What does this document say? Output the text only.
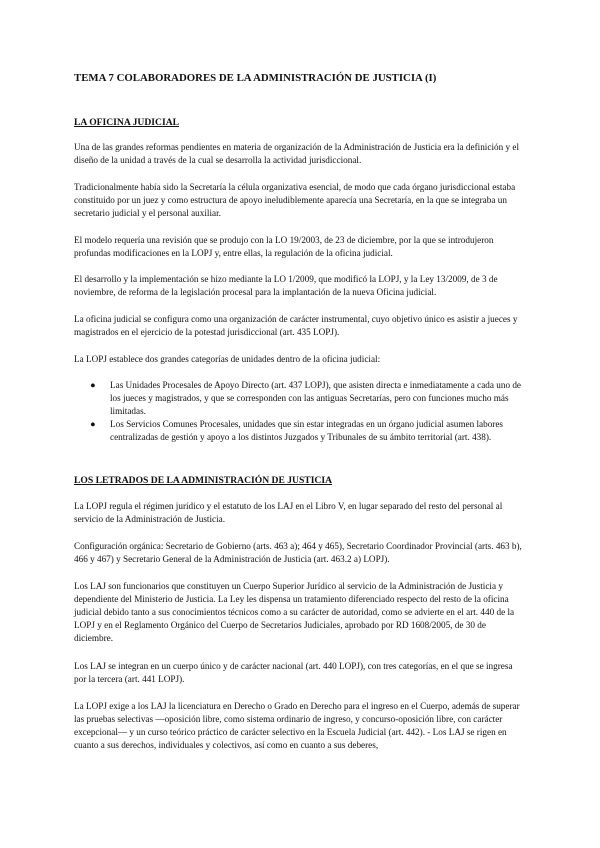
TEMA 7 COLABORADORES DE LA ADMINISTRACIÓN DE JUSTICIA (I)
LA OFICINA JUDICIAL

Una de las grandes reformas pendientes en materia de organización de la Administración de Justicia era la definición y el diseño de la unidad a través de la cual se desarrolla la actividad jurisdiccional.

Tradicionalmente había sido la Secretaría la célula organizativa esencial, de modo que cada órgano jurisdiccional estaba constituido por un juez y como estructura de apoyo ineludiblemente aparecía una Secretaría, en la que se integraba un secretario judicial y el personal auxiliar.

El modelo requería una revisión que se produjo con la LO 19/2003, de 23 de diciembre, por la que se introdujeron profundas modificaciones en la LOPJ y, entre ellas, la regulación de la oficina judicial.

El desarrollo y la implementación se hizo mediante la LO 1/2009, que modificó la LOPJ, y la Ley 13/2009, de 3 de noviembre, de reforma de la legislación procesal para la implantación de la nueva Oficina judicial.

La oficina judicial se configura como una organización de carácter instrumental, cuyo objetivo único es asistir a jueces y magistrados en el ejercicio de la potestad jurisdiccional (art. 435 LOPJ).

La LOPJ establece dos grandes categorías de unidades dentro de la oficina judicial:

● Las Unidades Procesales de Apoyo Directo (art. 437 LOPJ), que asisten directa e inmediatamente a cada uno de los jueces y magistrados, y que se corresponden con las antiguas Secretarías, pero con funciones mucho más limitadas.
● Los Servicios Comunes Procesales, unidades que sin estar integradas en un órgano judicial asumen labores centralizadas de gestión y apoyo a los distintos Juzgados y Tribunales de su ámbito territorial (art. 438).
LOS LETRADOS DE LA ADMINISTRACIÓN DE JUSTICIA

La LOPJ regula el régimen jurídico y el estatuto de los LAJ en el Libro V, en lugar separado del resto del personal al servicio de la Administración de Justicia.

Configuración orgánica: Secretario de Gobierno (arts. 463 a); 464 y 465), Secretario Coordinador Provincial (arts. 463 b), 466 y 467) y Secretario General de la Administración de Justicia (art. 463.2 a) LOPJ).

Los LAJ son funcionarios que constituyen un Cuerpo Superior Jurídico al servicio de la Administración de Justicia y dependiente del Ministerio de Justicia. La Ley les dispensa un tratamiento diferenciado respecto del resto de la oficina judicial debido tanto a sus conocimientos técnicos como a su carácter de autoridad, como se advierte en el art. 440 de la LOPJ y en el Reglamento Orgánico del Cuerpo de Secretarios Judiciales, aprobado por RD 1608/2005, de 30 de diciembre.

Los LAJ se integran en un cuerpo único y de carácter nacional (art. 440 LOPJ), con tres categorías, en el que se ingresa por la tercera (art. 441 LOPJ).

La LOPJ exige a los LAJ la licenciatura en Derecho o Grado en Derecho para el ingreso en el Cuerpo, además de superar las pruebas selectivas —oposición libre, como sistema ordinario de ingreso, y concurso-oposición libre, con carácter excepcional— y un curso teórico práctico de carácter selectivo en la Escuela Judicial (art. 442). - Los LAJ se rigen en cuanto a sus derechos, individuales y colectivos, así como en cuanto a sus deberes,
